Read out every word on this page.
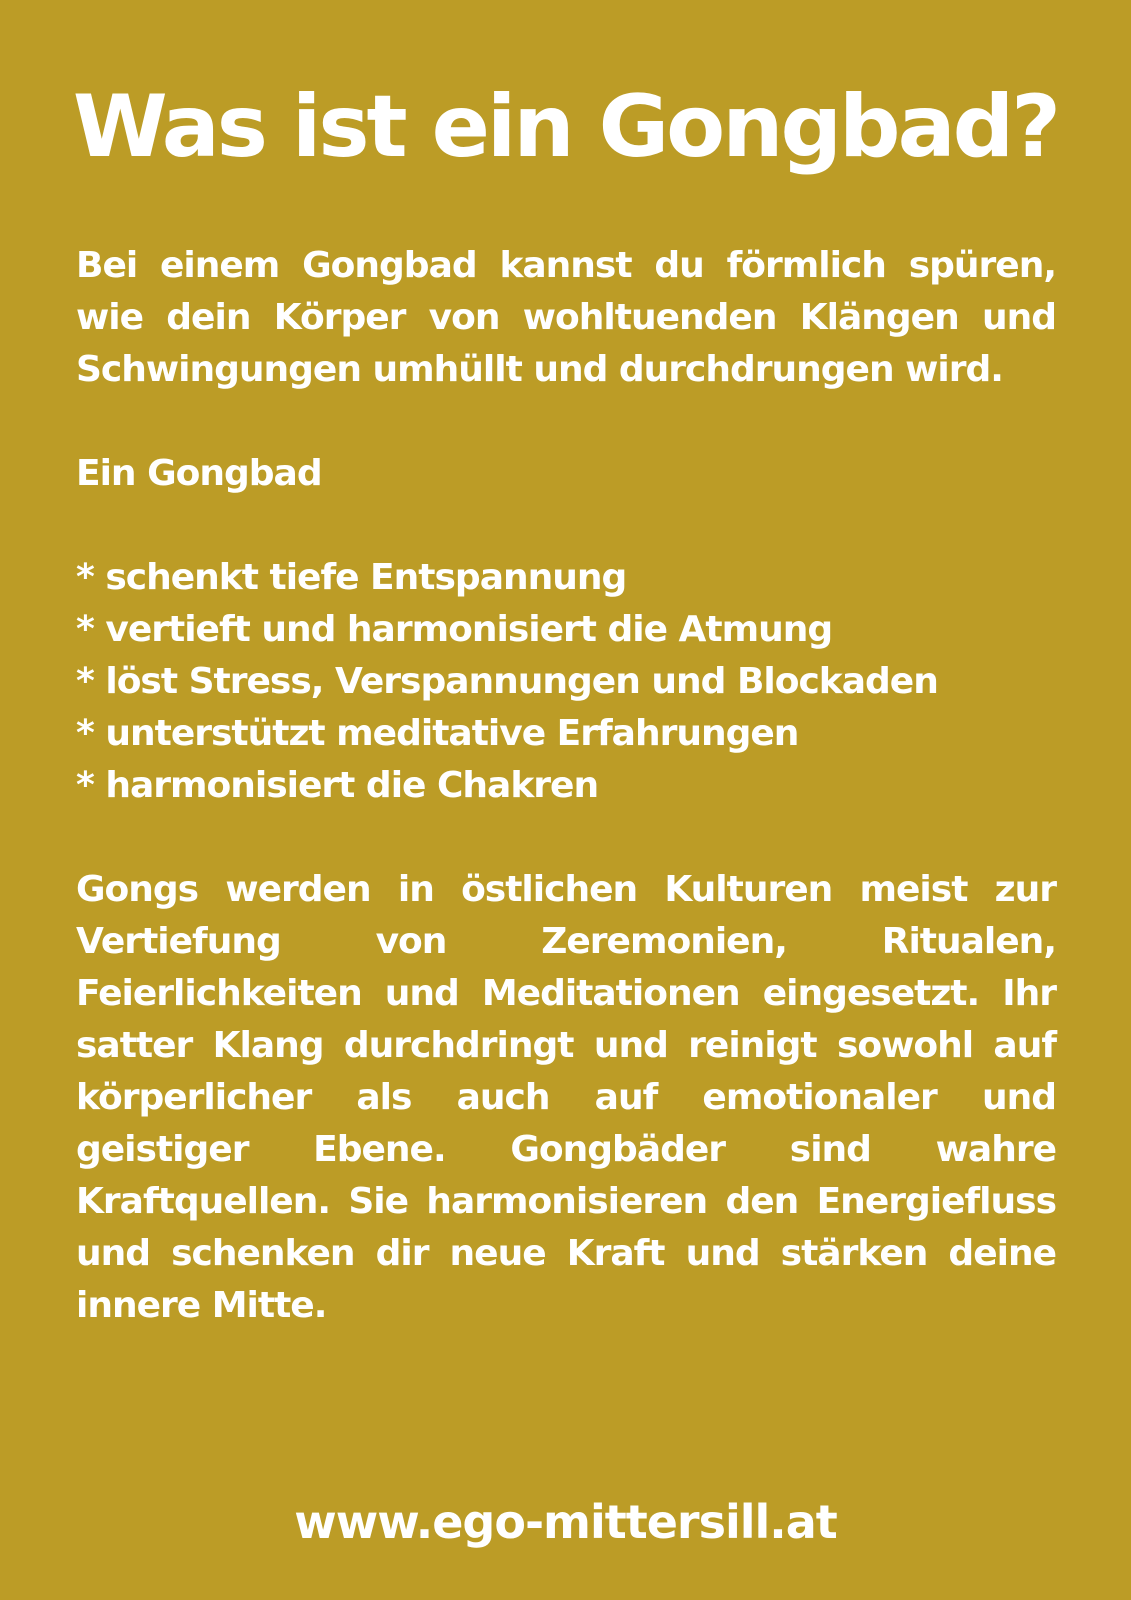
Was ist ein Gongbad?

Bei einem Gongbad kannst du förmlich spüren, wie dein Körper von wohltuenden Klängen und Schwingungen umhüllt und durchdrungen wird.

Ein Gongbad

* schenkt tiefe Entspannung
* vertieft und harmonisiert die Atmung
* löst Stress, Verspannungen und Blockaden
* unterstützt meditative Erfahrungen
* harmonisiert die Chakren

Gongs werden in östlichen Kulturen meist zur Vertiefung von Zeremonien, Ritualen, Feierlichkeiten und Meditationen eingesetzt. Ihr satter Klang durchdringt und reinigt sowohl auf körperlicher als auch auf emotionaler und geistiger Ebene. Gongbäder sind wahre Kraftquellen. Sie harmonisieren den Energiefluss und schenken dir neue Kraft und stärken deine innere Mitte.

www.ego-mittersill.at
